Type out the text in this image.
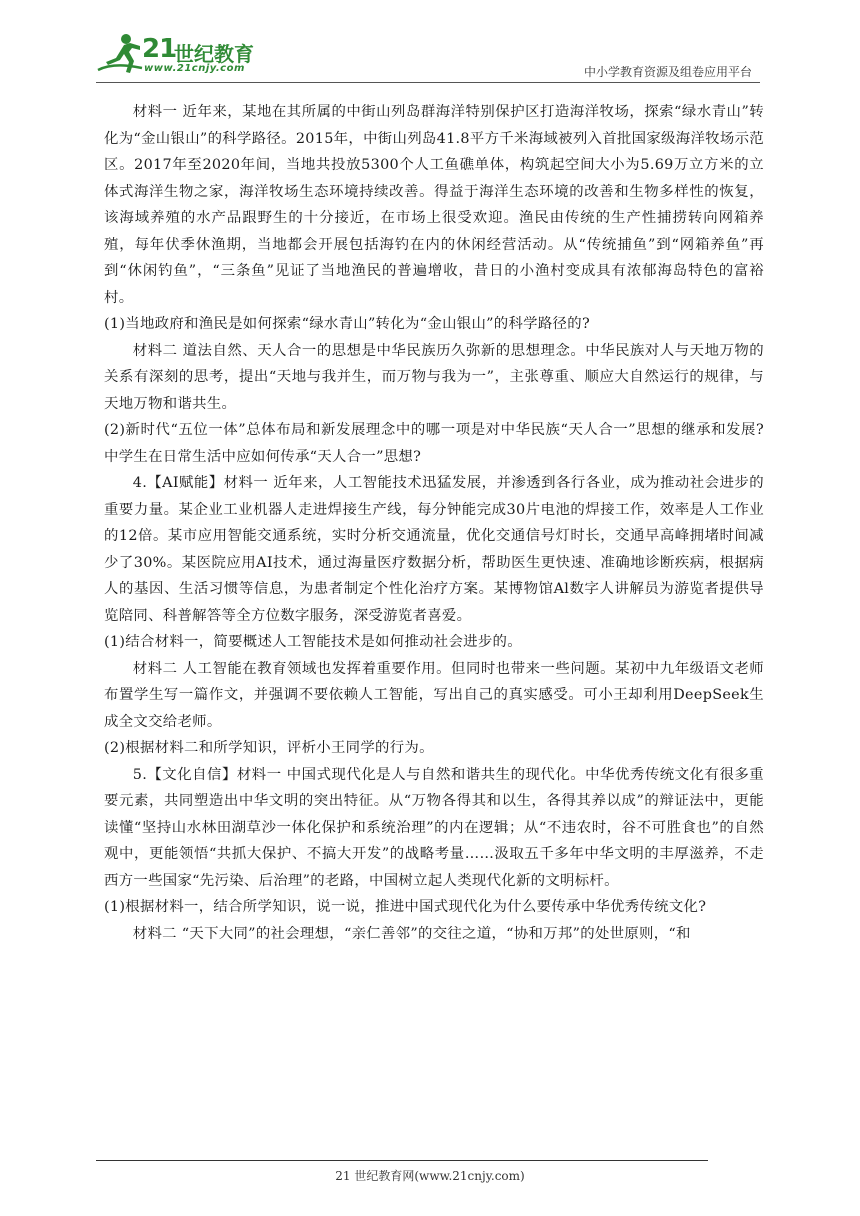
21
世纪教育
www.21cnjy.com	中小学教育资源及组卷应用平台

材料一 近年来，某地在其所属的中街山列岛群海洋特别保护区打造海洋牧场，探索“绿水青山”转化为“金山银山”的科学路径。2015年，中街山列岛41.8平方千米海域被列入首批国家级海洋牧场示范区。2017年至2020年间，当地共投放5300个人工鱼礁单体，构筑起空间大小为5.69万立方米的立体式海洋生物之家，海洋牧场生态环境持续改善。得益于海洋生态环境的改善和生物多样性的恢复，该海域养殖的水产品跟野生的十分接近，在市场上很受欢迎。渔民由传统的生产性捕捞转向网箱养殖，每年伏季休渔期，当地都会开展包括海钓在内的休闲经营活动。从“传统捕鱼”到“网箱养鱼”再到“休闲钓鱼”，“三条鱼”见证了当地渔民的普遍增收，昔日的小渔村变成具有浓郁海岛特色的富裕村。

(1)当地政府和渔民是如何探索“绿水青山”转化为“金山银山”的科学路径的?

材料二 道法自然、天人合一的思想是中华民族历久弥新的思想理念。中华民族对人与天地万物的关系有深刻的思考，提出“天地与我并生，而万物与我为一”，主张尊重、顺应大自然运行的规律，与天地万物和谐共生。

(2)新时代“五位一体”总体布局和新发展理念中的哪一项是对中华民族“天人合一”思想的继承和发展?中学生在日常生活中应如何传承“天人合一”思想?

4.【AI赋能】材料一 近年来，人工智能技术迅猛发展，并渗透到各行各业，成为推动社会进步的重要力量。某企业工业机器人走进焊接生产线，每分钟能完成30片电池的焊接工作，效率是人工作业的12倍。某市应用智能交通系统，实时分析交通流量，优化交通信号灯时长，交通早高峰拥堵时间减少了30%。某医院应用AI技术，通过海量医疗数据分析，帮助医生更快速、准确地诊断疾病，根据病人的基因、生活习惯等信息，为患者制定个性化治疗方案。某博物馆Al数字人讲解员为游览者提供导览陪同、科普解答等全方位数字服务，深受游览者喜爱。

(1)结合材料一，简要概述人工智能技术是如何推动社会进步的。

材料二 人工智能在教育领域也发挥着重要作用。但同时也带来一些问题。某初中九年级语文老师布置学生写一篇作文，并强调不要依赖人工智能，写出自己的真实感受。可小王却利用DeepSeek生成全文交给老师。

(2)根据材料二和所学知识，评析小王同学的行为。

5.【文化自信】材料一 中国式现代化是人与自然和谐共生的现代化。中华优秀传统文化有很多重要元素，共同塑造出中华文明的突出特征。从“万物各得其和以生，各得其养以成”的辩证法中，更能读懂“坚持山水林田湖草沙一体化保护和系统治理”的内在逻辑；从“不违农时，谷不可胜食也”的自然观中，更能领悟“共抓大保护、不搞大开发”的战略考量……汲取五千多年中华文明的丰厚滋养，不走西方一些国家“先污染、后治理”的老路，中国树立起人类现代化新的文明标杆。

(1)根据材料一，结合所学知识，说一说，推进中国式现代化为什么要传承中华优秀传统文化?

材料二 “天下大同”的社会理想，“亲仁善邻”的交往之道，“协和万邦”的处世原则，“和

21 世纪教育网(www.21cnjy.com)
